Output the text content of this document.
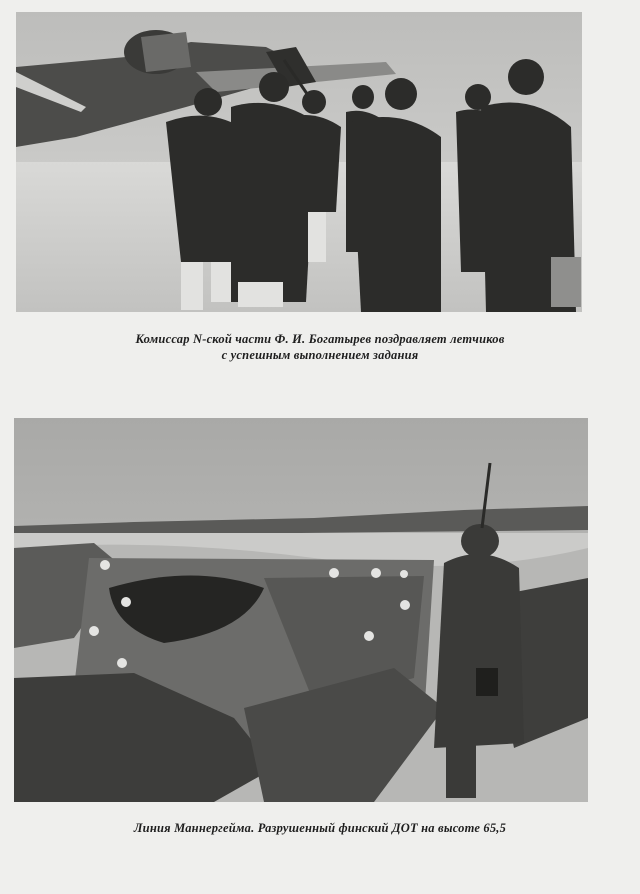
Комиссар N-ской части Ф. И. Богатырев поздравляет летчиков
с успешным выполнением задания
Линия Маннергейма. Разрушенный финский ДОТ на высоте 65,5
